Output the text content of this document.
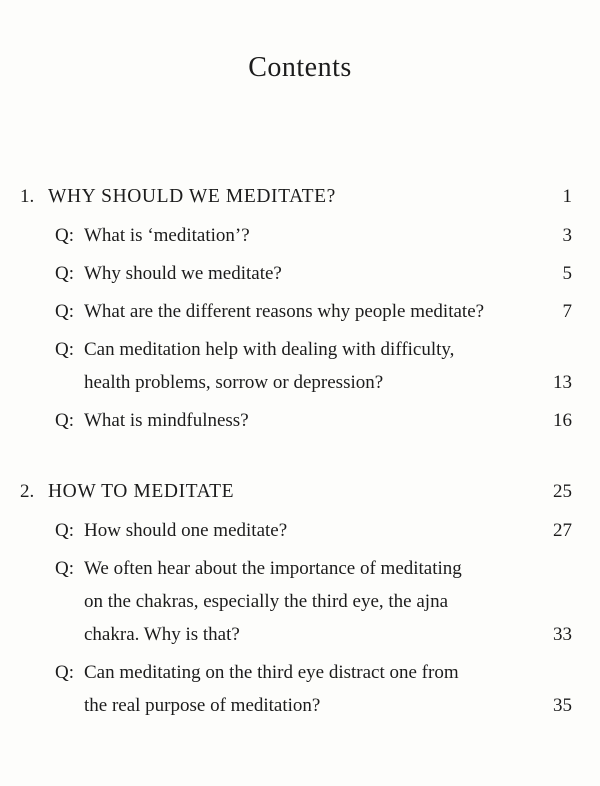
Contents
1. WHY SHOULD WE MEDITATE?	1
Q: What is ‘meditation’?	3
Q: Why should we meditate?	5
Q: What are the different reasons why people meditate?	7
Q: Can meditation help with dealing with difficulty,
health problems, sorrow or depression?	13
Q: What is mindfulness?	16
2. HOW TO MEDITATE	25
Q: How should one meditate?	27
Q: We often hear about the importance of meditating
on the chakras, especially the third eye, the ajna
chakra. Why is that?	33
Q: Can meditating on the third eye distract one from
the real purpose of meditation?	35
